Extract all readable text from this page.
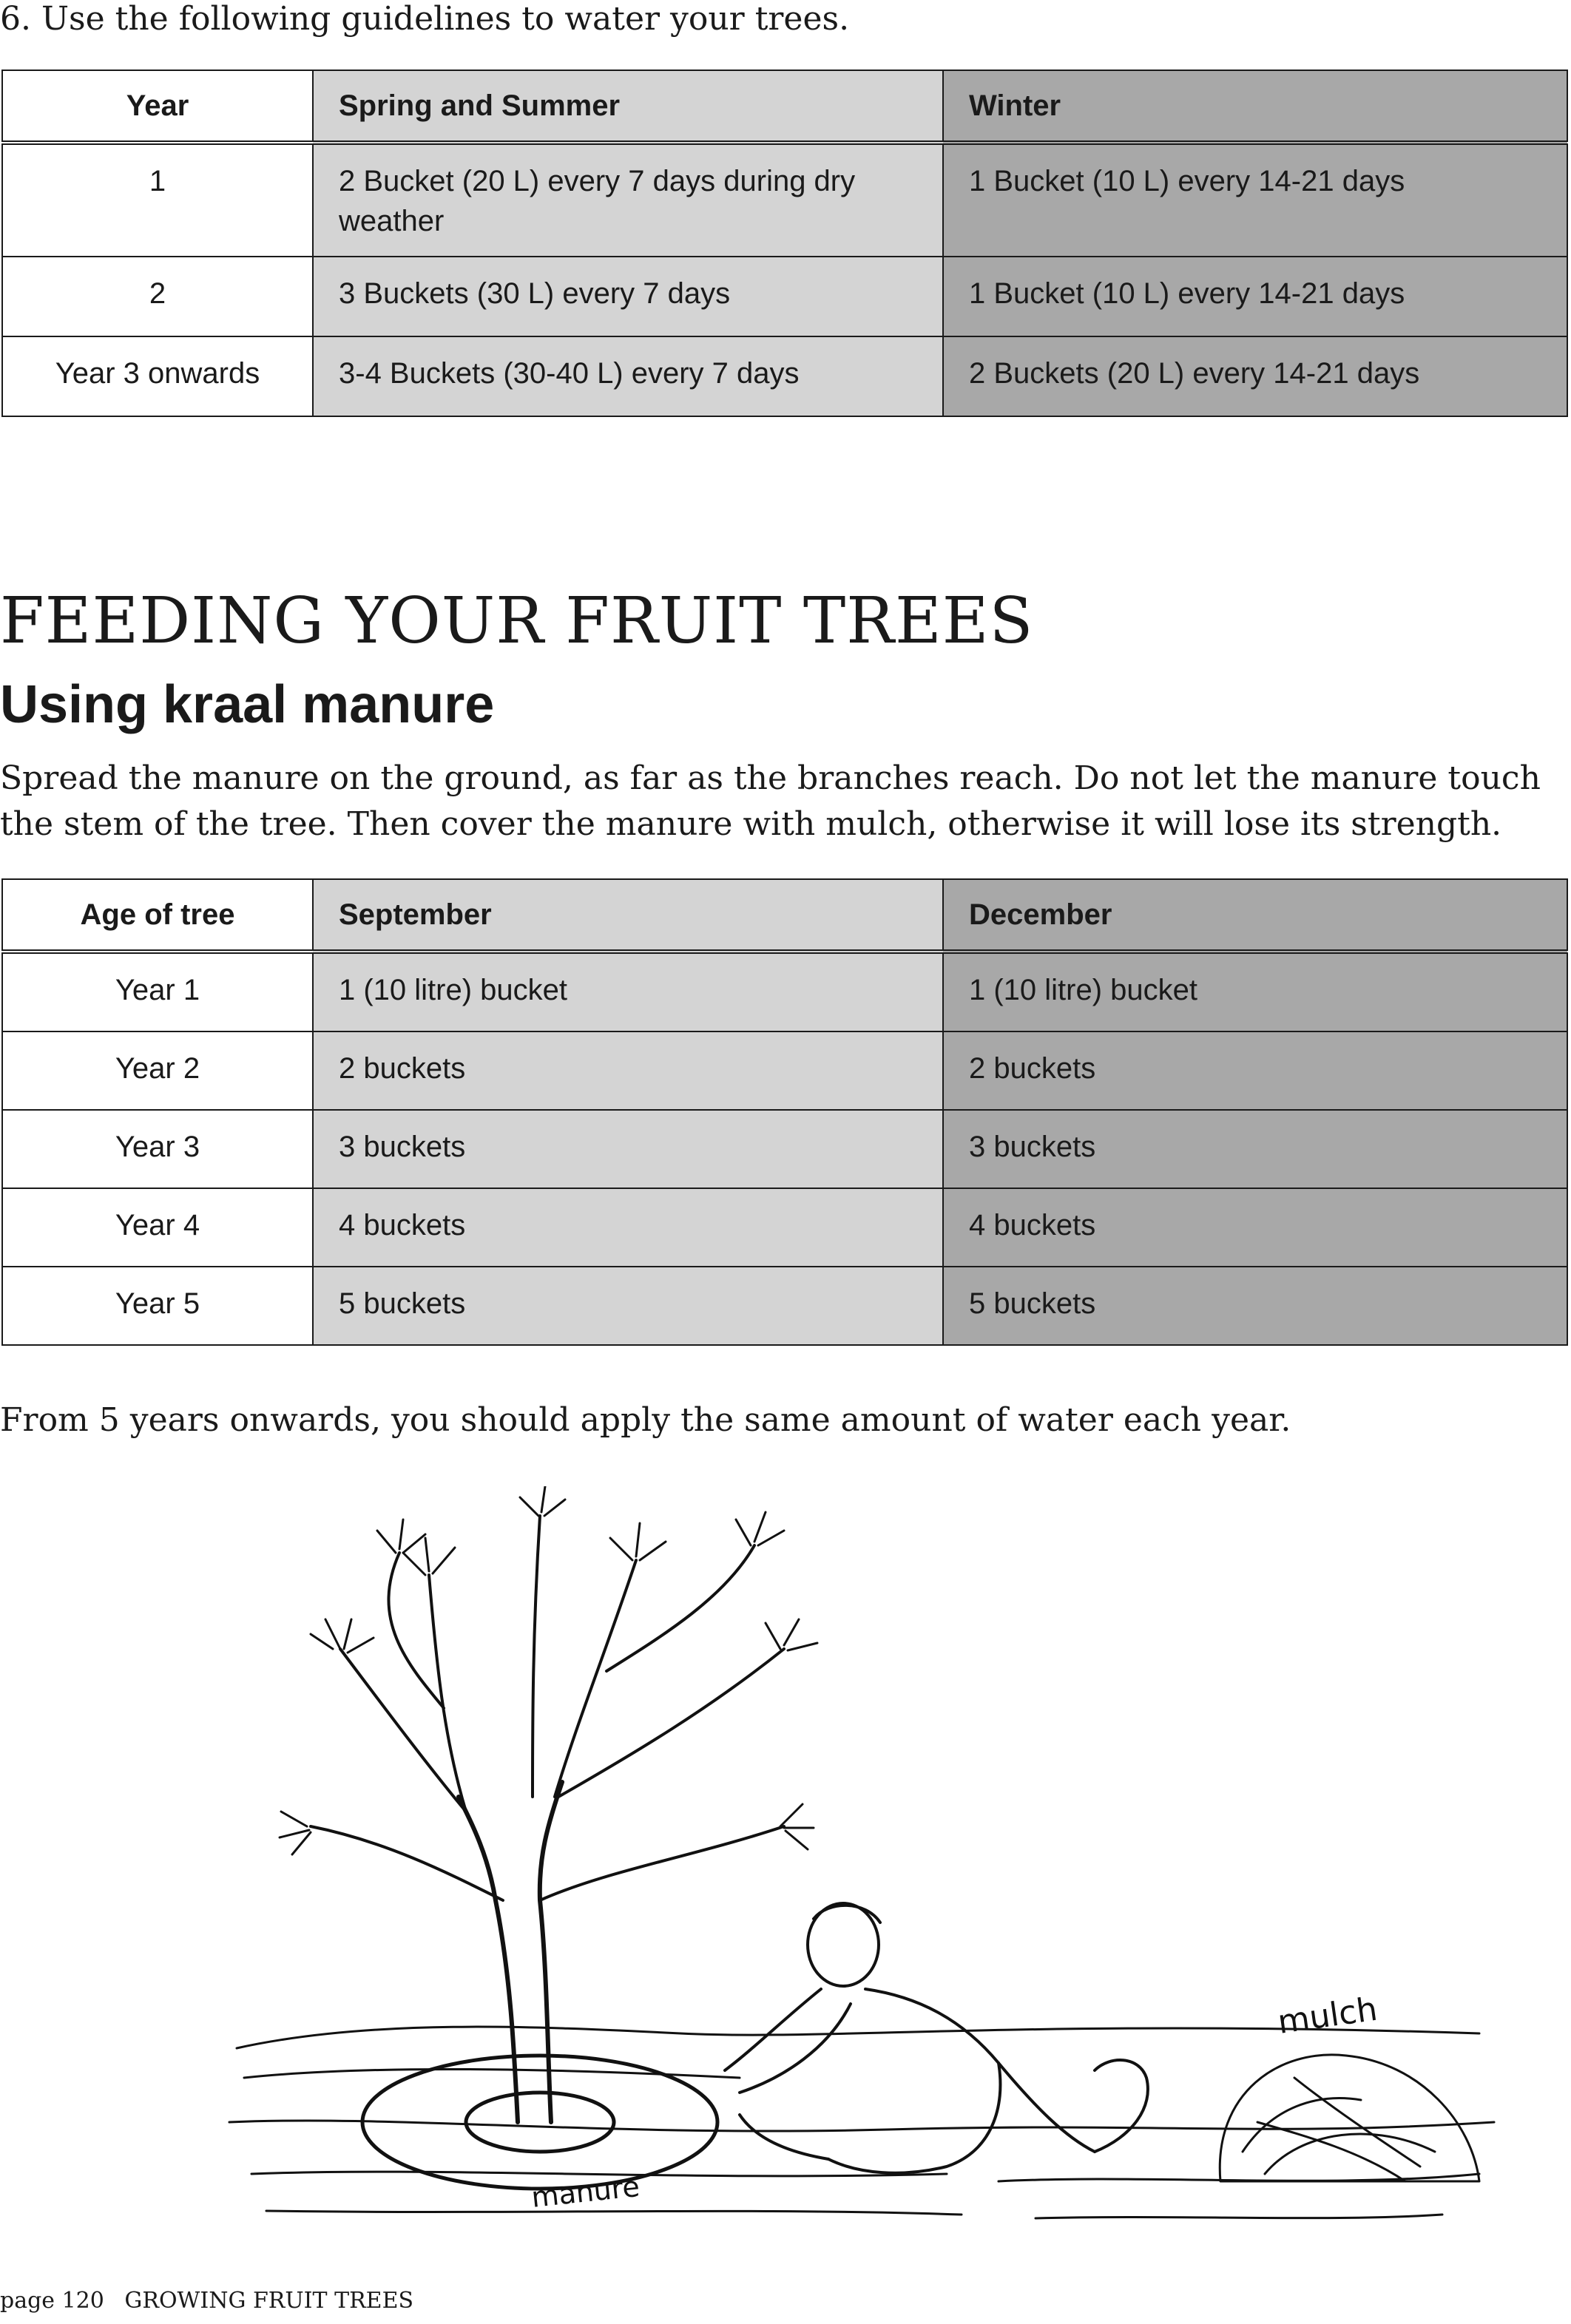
6. Use the following guidelines to water your trees.
Year	Spring and Summer	Winter
1	2 Bucket (20 L) every 7 days during dry weather	1 Bucket (10 L) every 14-21 days
2	3 Buckets (30 L) every 7 days	1 Bucket (10 L) every 14-21 days
Year 3 onwards	3-4 Buckets (30-40 L) every 7 days	2 Buckets (20 L) every 14-21 days
FEEDING YOUR FRUIT TREES
Using kraal manure

Spread the manure on the ground, as far as the branches reach. Do not let the manure touch the stem of the tree. Then cover the manure with mulch, otherwise it will lose its strength.

Age of tree	September	December
Year 1	1 (10 litre) bucket	1 (10 litre) bucket
Year 2	2 buckets	2 buckets
Year 3	3 buckets	3 buckets
Year 4	4 buckets	4 buckets
Year 5	5 buckets	5 buckets

From 5 years onwards, you should apply the same amount of water each year.

mulch
manure
page 120 GROWING FRUIT TREES
